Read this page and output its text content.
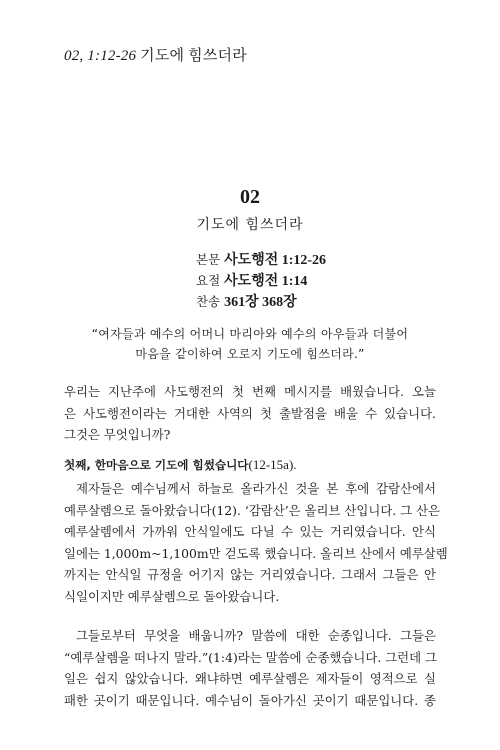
02, 1:12-26 기도에 힘쓰더라
02
기도에 힘쓰더라
본문 사도행전 1:12-26
요절 사도행전 1:14
찬송 361장 368장
“여자들과 예수의 어머니 마리아와 예수의 아우들과 더불어
마음을 같이하여 오로지 기도에 힘쓰더라.”
우리는 지난주에 사도행전의 첫 번째 메시지를 배웠습니다. 오늘
은 사도행전이라는 거대한 사역의 첫 출발점을 배울 수 있습니다.
그것은 무엇입니까?
첫째, 한마음으로 기도에 힘썼습니다(12-15a).
제자들은 예수님께서 하늘로 올라가신 것을 본 후에 감람산에서
예루살렘으로 돌아왔습니다(12). ‘감람산’은 올리브 산입니다. 그 산은
예루살렘에서 가까워 안식일에도 다닐 수 있는 거리였습니다. 안식
일에는 1,000m~1,100m만 걷도록 했습니다. 올리브 산에서 예루살렘
까지는 안식일 규정을 어기지 않는 거리였습니다. 그래서 그들은 안
식일이지만 예루살렘으로 돌아왔습니다.
그들로부터 무엇을 배웁니까? 말씀에 대한 순종입니다. 그들은
“예루살렘을 떠나지 말라.”(1:4)라는 말씀에 순종했습니다. 그런데 그
일은 쉽지 않았습니다. 왜냐하면 예루살렘은 제자들이 영적으로 실
패한 곳이기 때문입니다. 예수님이 돌아가신 곳이기 때문입니다. 종
